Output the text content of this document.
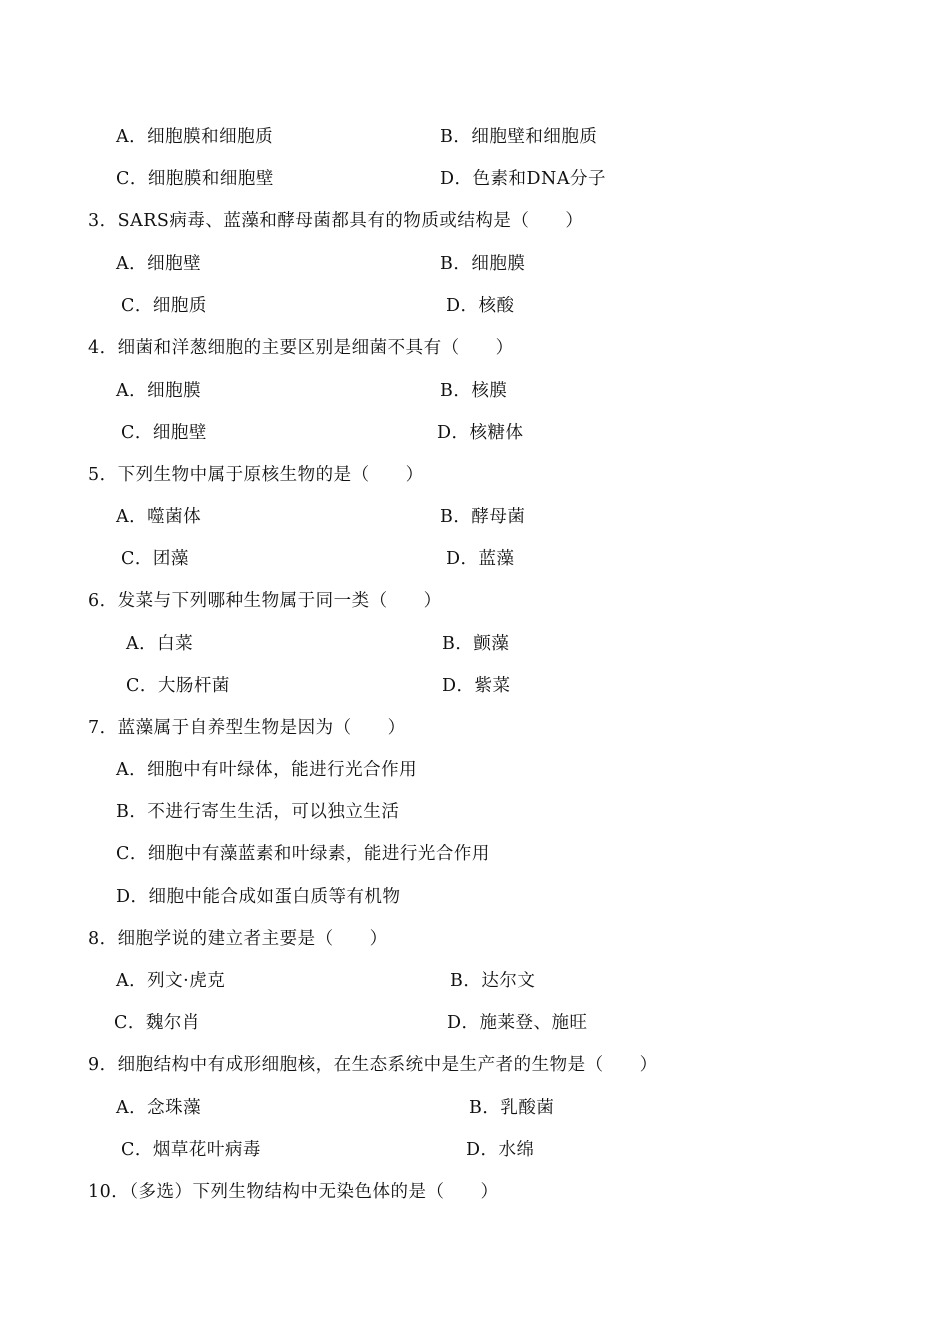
A．细胞膜和细胞质	B．细胞壁和细胞质
C．细胞膜和细胞壁	D．色素和DNA分子
3．SARS病毒、蓝藻和酵母菌都具有的物质或结构是（　　）
A．细胞壁	B．细胞膜
C．细胞质	D．核酸
4．细菌和洋葱细胞的主要区别是细菌不具有（　　）
A．细胞膜	B．核膜
C．细胞壁	D．核糖体
5．下列生物中属于原核生物的是（　　）
A．噬菌体	B．酵母菌
C．团藻	D．蓝藻
6．发菜与下列哪种生物属于同一类（　　）
A．白菜	B．颤藻
C．大肠杆菌	D．紫菜
7．蓝藻属于自养型生物是因为（　　）
A．细胞中有叶绿体，能进行光合作用
B．不进行寄生生活，可以独立生活
C．细胞中有藻蓝素和叶绿素，能进行光合作用
D．细胞中能合成如蛋白质等有机物
8．细胞学说的建立者主要是（　　）
A．列文·虎克	B．达尔文
C．魏尔肖	D．施莱登、施旺
9．细胞结构中有成形细胞核，在生态系统中是生产者的生物是（　　）
A．念珠藻	B．乳酸菌
C．烟草花叶病毒	D．水绵
10．（多选）下列生物结构中无染色体的是（　　）
